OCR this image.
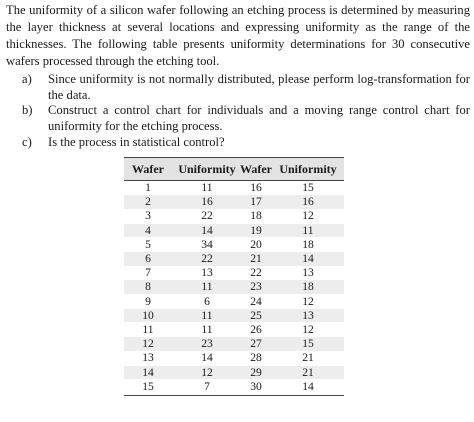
The uniformity of a silicon wafer following an etching process is determined by measuring the layer thickness at several locations and expressing uniformity as the range of the thicknesses. The following table presents uniformity determinations for 30 consecutive wafers processed through the etching tool.
a) Since uniformity is not normally distributed, please perform log-transformation for the data.
b) Construct a control chart for individuals and a moving range control chart for uniformity for the etching process.
c) Is the process in statistical control?
Wafer	Uniformity Wafer Uniformity
1	11	16	15
2	16	17	16
3	22	18	12
4	14	19	11
5	34	20	18
6	22	21	14
7	13	22	13
8	11	23	18
9	6	24	12
10	11	25	13
11	11	26	12
12	23	27	15
13	14	28	21
14	12	29	21
15	7	30	14
